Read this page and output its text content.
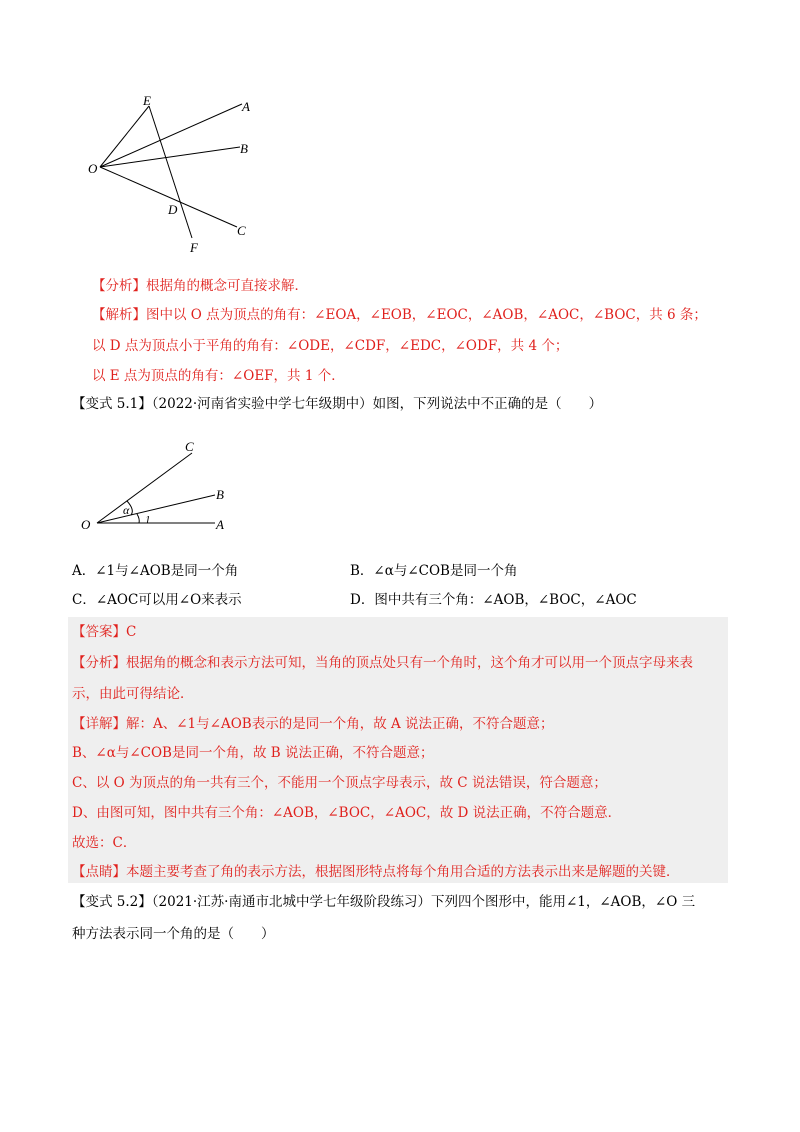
E	A
B
O
D
C
F
【分析】根据角的概念可直接求解．
【解析】图中以 O 点为顶点的角有：∠EOA，∠EOB，∠EOC，∠AOB，∠AOC，∠BOC，共 6 条；
以 D 点为顶点小于平角的角有：∠ODE，∠CDF，∠EDC，∠ODF，共 4 个；
以 E 点为顶点的角有：∠OEF，共 1 个．
【变式 5.1】（2022·河南省实验中学七年级期中）如图，下列说法中不正确的是（　　）
C
B
O	A
α
1
A．∠1与∠AOB是同一个角	B．∠α与∠COB是同一个角
C．∠AOC可以用∠O来表示	D．图中共有三个角：∠AOB，∠BOC，∠AOC
【答案】C
【分析】根据角的概念和表示方法可知，当角的顶点处只有一个角时，这个角才可以用一个顶点字母来表
示，由此可得结论．
【详解】解：A、∠1与∠AOB表示的是同一个角，故 A 说法正确，不符合题意；
B、∠α与∠COB是同一个角，故 B 说法正确，不符合题意；
C、以 O 为顶点的角一共有三个，不能用一个顶点字母表示，故 C 说法错误，符合题意；
D、由图可知，图中共有三个角：∠AOB，∠BOC，∠AOC，故 D 说法正确，不符合题意．
故选：C．
【点睛】本题主要考查了角的表示方法，根据图形特点将每个角用合适的方法表示出来是解题的关键．
【变式 5.2】（2021·江苏·南通市北城中学七年级阶段练习）下列四个图形中，能用∠1，∠AOB，∠O 三
种方法表示同一个角的是（　　）
